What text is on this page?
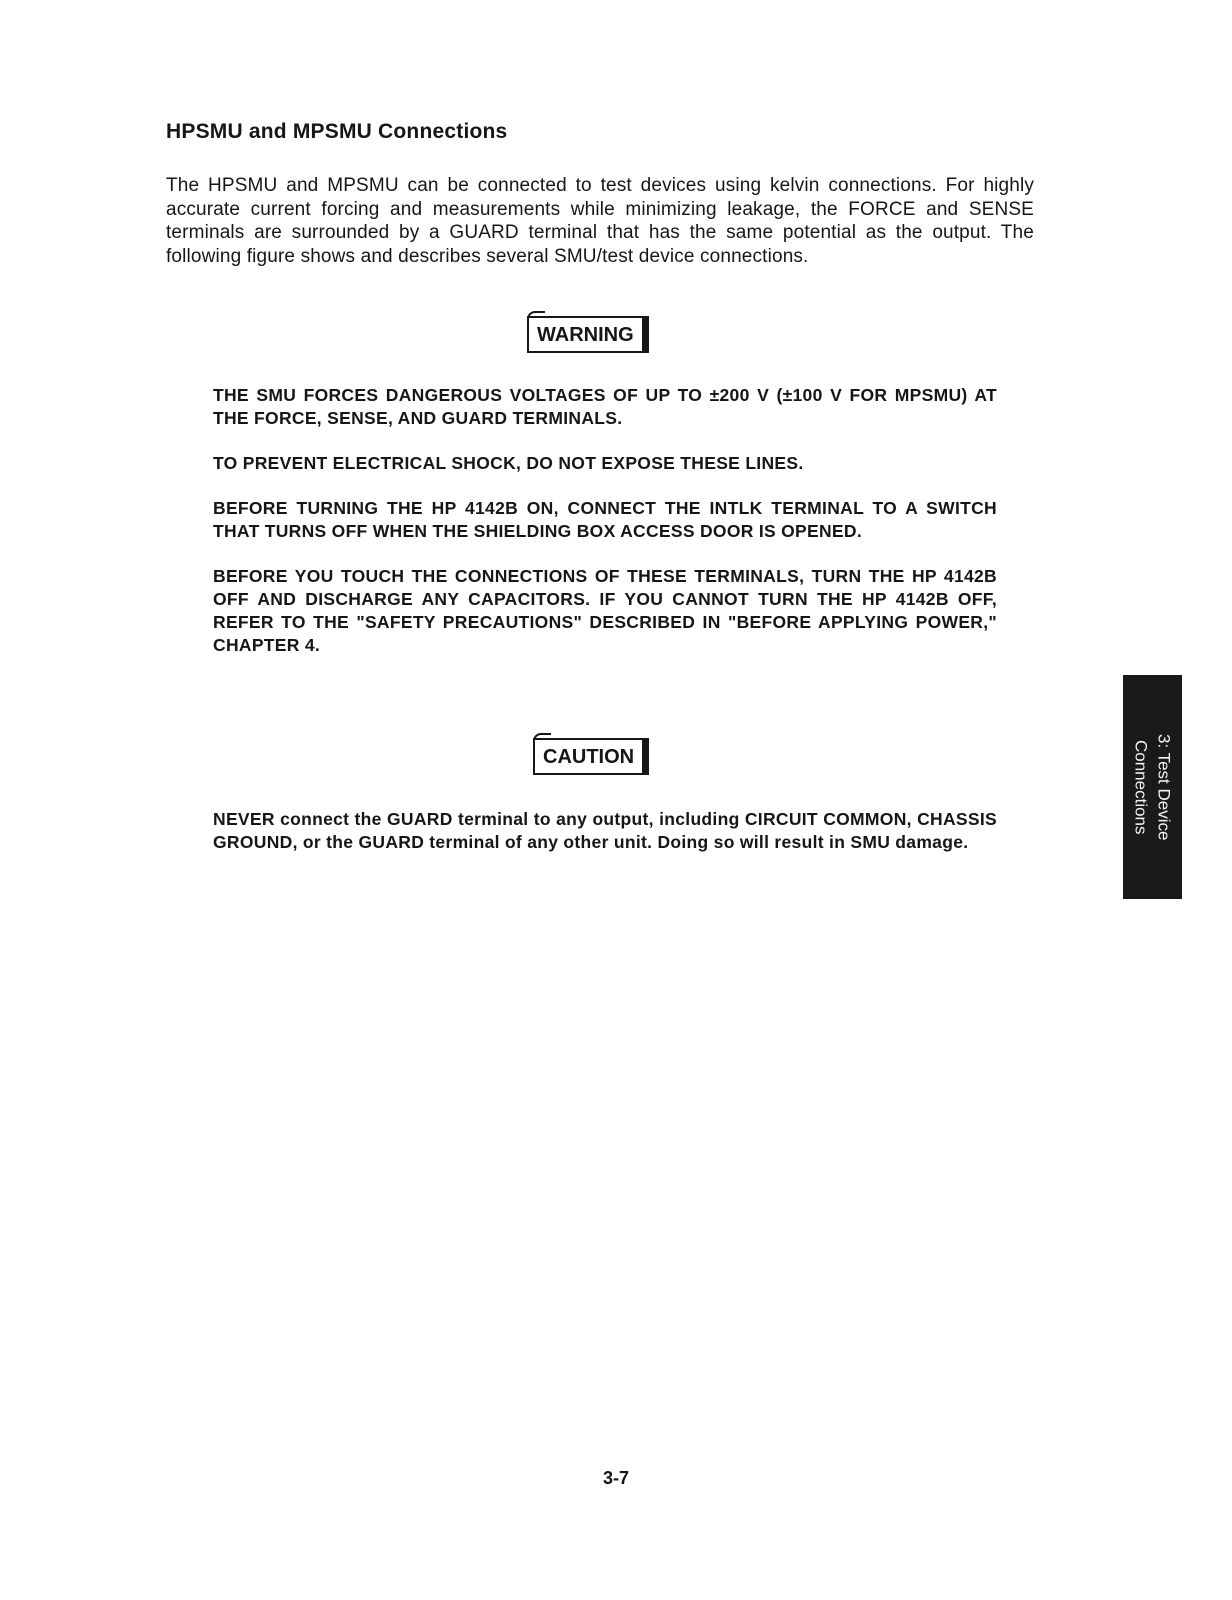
HPSMU and MPSMU Connections

The HPSMU and MPSMU can be connected to test devices using kelvin connections. For highly accurate current forcing and measurements while minimizing leakage, the FORCE and SENSE terminals are surrounded by a GUARD terminal that has the same potential as the output. The following figure shows and describes several SMU/test device connections.

WARNING

THE SMU FORCES DANGEROUS VOLTAGES OF UP TO ±200 V (±100 V FOR MPSMU) AT THE FORCE, SENSE, AND GUARD TERMINALS.

TO PREVENT ELECTRICAL SHOCK, DO NOT EXPOSE THESE LINES.

BEFORE TURNING THE HP 4142B ON, CONNECT THE INTLK TERMINAL TO A SWITCH THAT TURNS OFF WHEN THE SHIELDING BOX ACCESS DOOR IS OPENED.

BEFORE YOU TOUCH THE CONNECTIONS OF THESE TERMINALS, TURN THE HP 4142B OFF AND DISCHARGE ANY CAPACITORS. IF YOU CANNOT TURN THE HP 4142B OFF, REFER TO THE "SAFETY PRECAUTIONS" DESCRIBED IN "BEFORE APPLYING POWER," CHAPTER 4.

CAUTION

NEVER connect the GUARD terminal to any output, including CIRCUIT COMMON, CHASSIS GROUND, or the GUARD terminal of any other unit. Doing so will result in SMU damage.

3: Test Device
Connections
3-7
